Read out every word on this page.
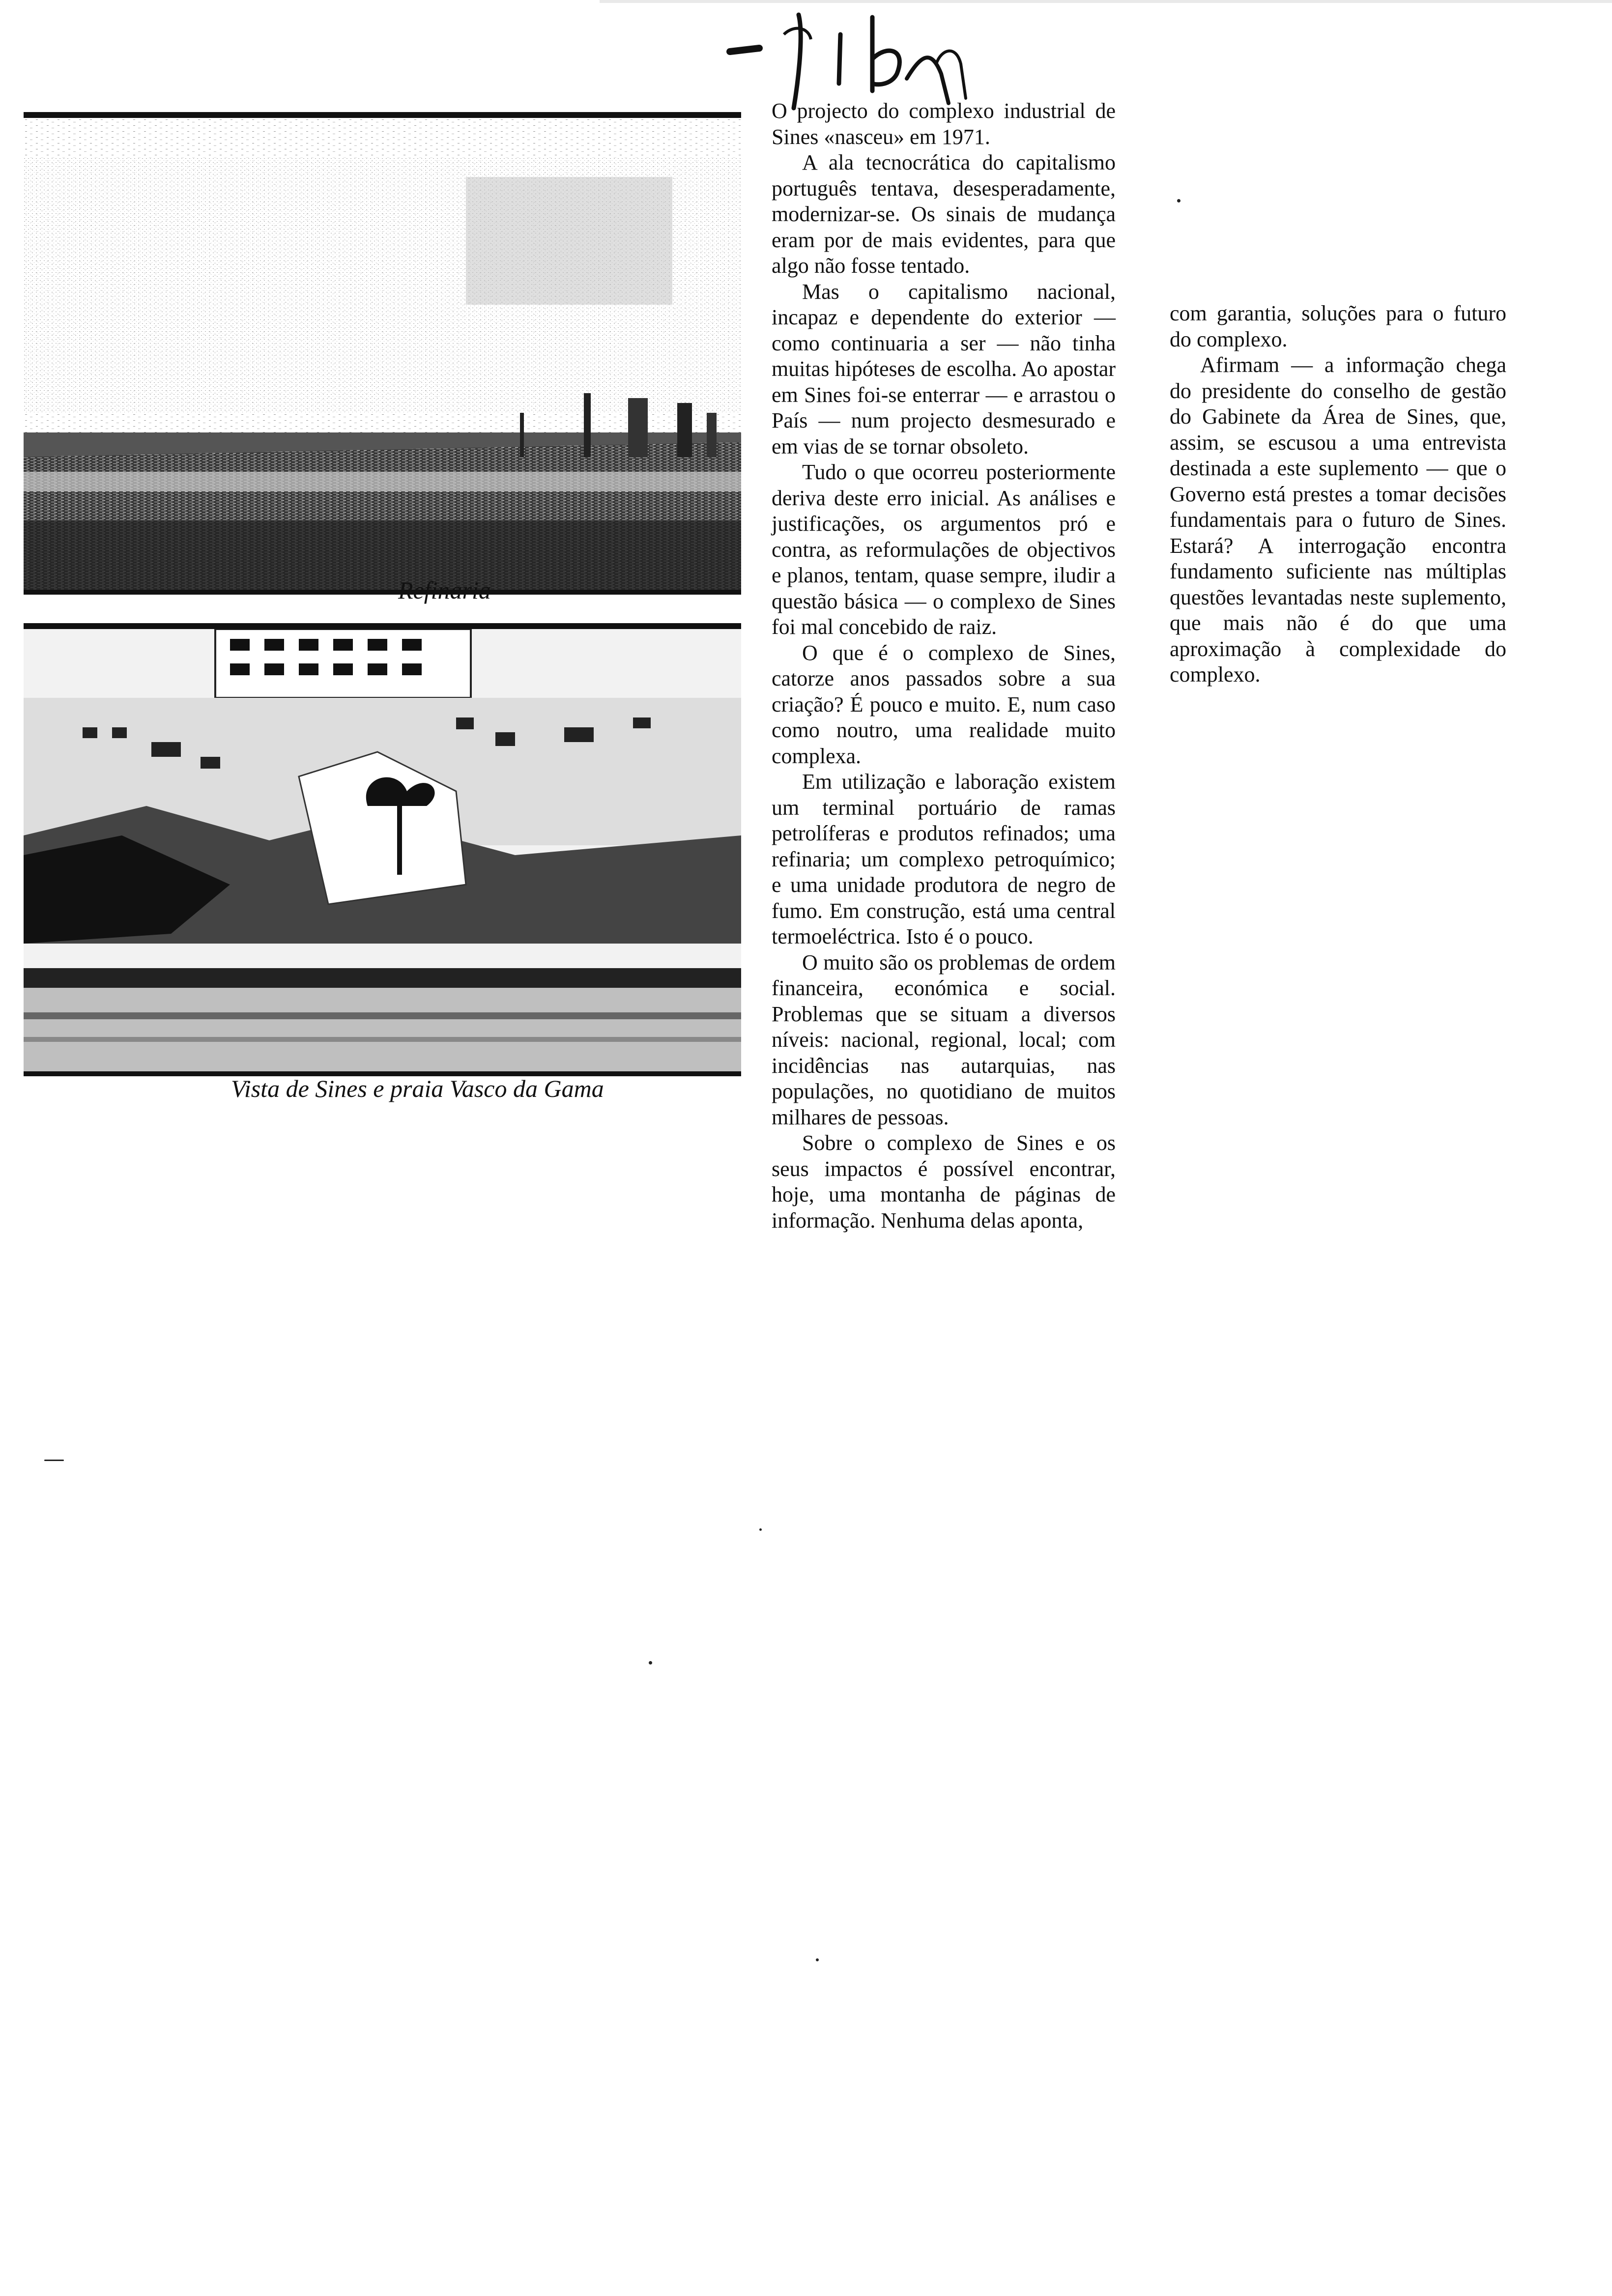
Refinaria
Vista de Sines e praia Vasco da Gama

O projecto do complexo industrial de Sines «nasceu» em 1971.

A ala tecnocrática do capitalismo português tentava, desesperadamente, modernizar-se. Os sinais de mudança eram por de mais evidentes, para que algo não fosse tentado.

Mas o capitalismo nacional, incapaz e dependente do exterior — como continuaria a ser — não tinha muitas hipóteses de escolha. Ao apostar em Sines foi-se enterrar — e arrastou o País — num projecto desmesurado e em vias de se tornar obsoleto.

Tudo o que ocorreu posteriormente deriva deste erro inicial. As análises e justificações, os argumentos pró e contra, as reformulações de objectivos e planos, tentam, quase sempre, iludir a questão básica — o complexo de Sines foi mal concebido de raiz.

O que é o complexo de Sines, catorze anos passados sobre a sua criação? É pouco e muito. E, num caso como noutro, uma realidade muito complexa.

Em utilização e laboração existem um terminal portuário de ramas petrolíferas e produtos refinados; uma refinaria; um complexo petroquímico; e uma unidade produtora de negro de fumo. Em construção, está uma central termoeléctrica. Isto é o pouco.

O muito são os problemas de ordem financeira, económica e social. Problemas que se situam a diversos níveis: nacional, regional, local; com incidências nas autarquias, nas populações, no quotidiano de muitos milhares de pessoas.

Sobre o complexo de Sines e os seus impactos é possível encontrar, hoje, uma montanha de páginas de informação. Nenhuma delas aponta,

com garantia, soluções para o futuro do complexo.

Afirmam — a informação chega do presidente do conselho de gestão do Gabinete da Área de Sines, que, assim, se escusou a uma entrevista destinada a este suplemento — que o Governo está prestes a tomar decisões fundamentais para o futuro de Sines. Estará? A interrogação encontra fundamento suficiente nas múltiplas questões levantadas neste suplemento, que mais não é do que uma aproximação à complexidade do complexo.
